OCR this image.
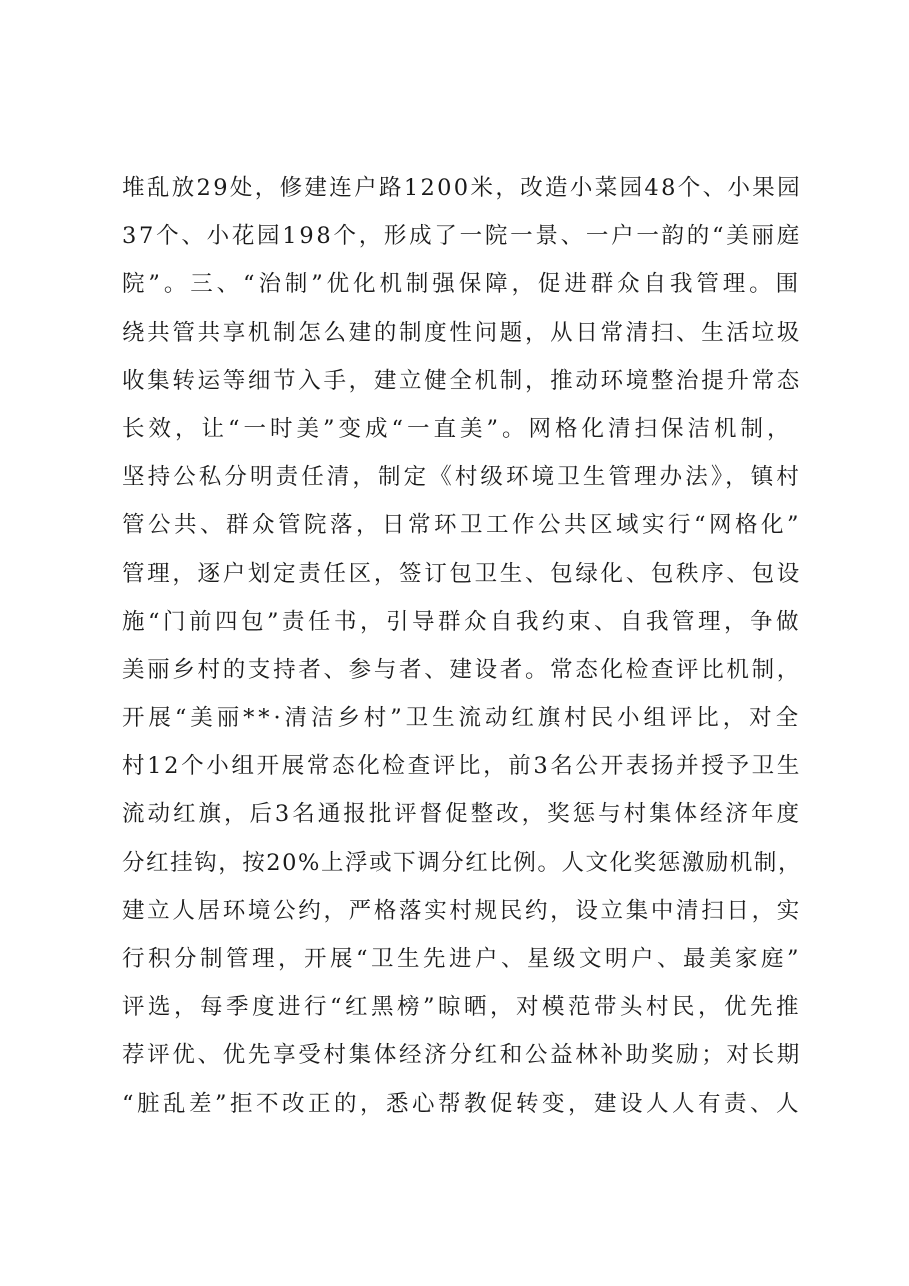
堆乱放29处，修建连户路1200米，改造小菜园48个、小果园
37个、小花园198个，形成了一院一景、一户一韵的“美丽庭
院”。三、“治制”优化机制强保障，促进群众自我管理。围
绕共管共享机制怎么建的制度性问题，从日常清扫、生活垃圾
收集转运等细节入手，建立健全机制，推动环境整治提升常态
长效，让“一时美”变成“一直美”。网格化清扫保洁机制，
坚持公私分明责任清，制定《村级环境卫生管理办法》，镇村
管公共、群众管院落，日常环卫工作公共区域实行“网格化”
管理，逐户划定责任区，签订包卫生、包绿化、包秩序、包设
施“门前四包”责任书，引导群众自我约束、自我管理，争做
美丽乡村的支持者、参与者、建设者。常态化检查评比机制，
开展“美丽**·清洁乡村”卫生流动红旗村民小组评比，对全
村12个小组开展常态化检查评比，前3名公开表扬并授予卫生
流动红旗，后3名通报批评督促整改，奖惩与村集体经济年度
分红挂钩，按20%上浮或下调分红比例。人文化奖惩激励机制，
建立人居环境公约，严格落实村规民约，设立集中清扫日，实
行积分制管理，开展“卫生先进户、星级文明户、最美家庭”
评选，每季度进行“红黑榜”晾晒，对模范带头村民，优先推
荐评优、优先享受村集体经济分红和公益林补助奖励；对长期
“脏乱差”拒不改正的，悉心帮教促转变，建设人人有责、人
